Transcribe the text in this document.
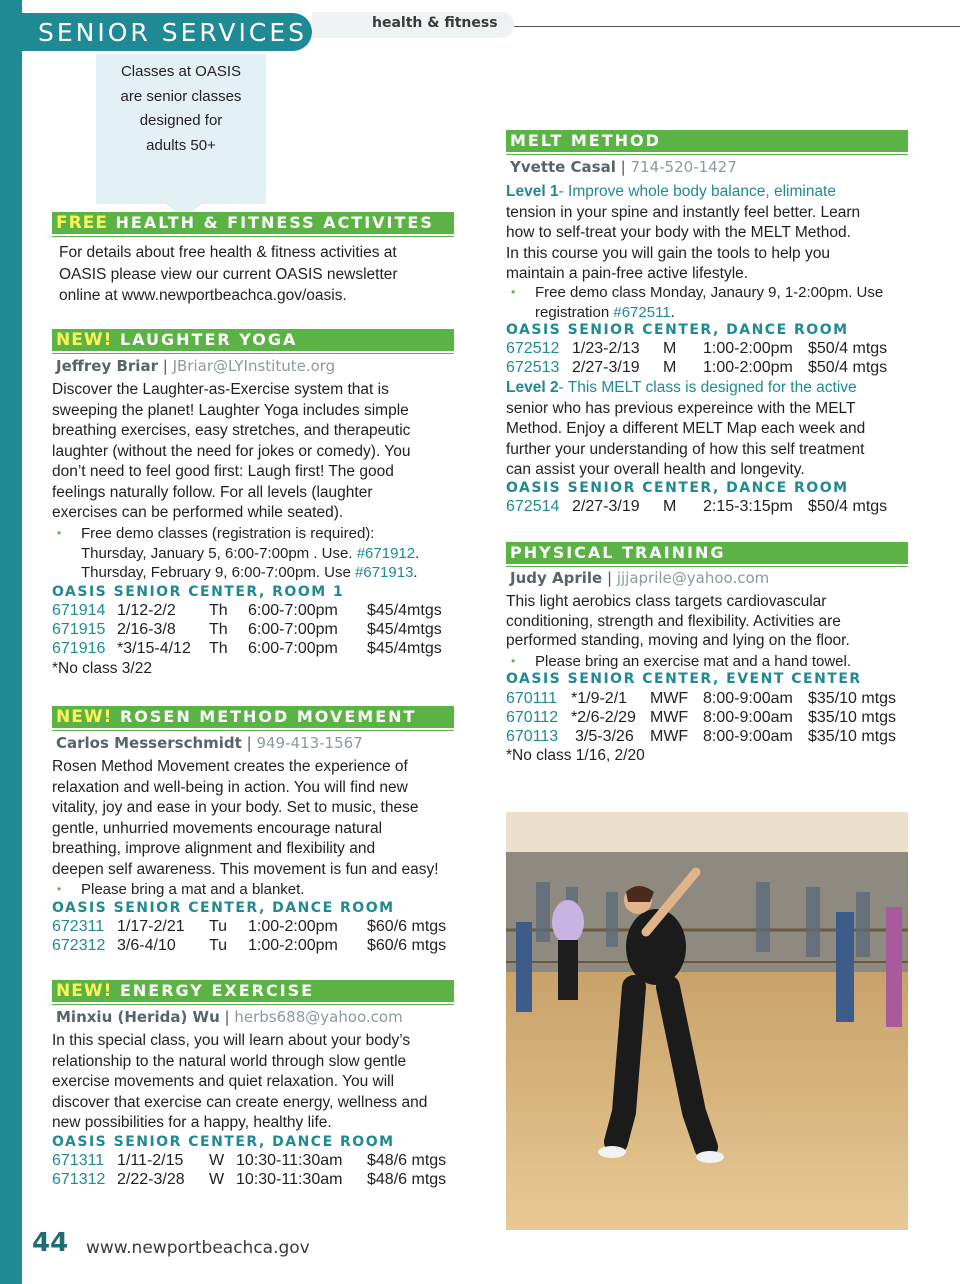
SENIOR SERVICES	health & fitness
Classes at OASIS
are senior classes
designed for
adults 50+
FREE HEALTH & FITNESS ACTIVITES
For details about free health & fitness activities at
OASIS please view our current OASIS newsletter
online at www.newportbeachca.gov/oasis.
NEW! LAUGHTER YOGA
Jeffrey Briar | JBriar@LYInstitute.org
Discover the Laughter-as-Exercise system that is
sweeping the planet! Laughter Yoga includes simple
breathing exercises, easy stretches, and therapeutic
laughter (without the need for jokes or comedy). You
don’t need to feel good first: Laugh first! The good
feelings naturally follow. For all levels (laughter
exercises can be performed while seated).
• Free demo classes (registration is required):
Thursday, January 5, 6:00-7:00pm . Use. #671912.
Thursday, February 9, 6:00-7:00pm. Use #671913.
OASIS SENIOR CENTER, ROOM 1
671914 1/12-2/2 Th 6:00-7:00pm $45/4mtgs
671915 2/16-3/8 Th 6:00-7:00pm $45/4mtgs
671916 *3/15-4/12 Th 6:00-7:00pm $45/4mtgs
*No class 3/22
NEW! ROSEN METHOD MOVEMENT
Carlos Messerschmidt | 949-413-1567
Rosen Method Movement creates the experience of
relaxation and well-being in action. You will find new
vitality, joy and ease in your body. Set to music, these
gentle, unhurried movements encourage natural
breathing, improve alignment and flexibility and
deepen self awareness. This movement is fun and easy!
• Please bring a mat and a blanket.
OASIS SENIOR CENTER, DANCE ROOM
672311 1/17-2/21 Tu 1:00-2:00pm $60/6 mtgs
672312 3/6-4/10 Tu 1:00-2:00pm $60/6 mtgs
NEW! ENERGY EXERCISE
Minxiu (Herida) Wu | herbs688@yahoo.com
In this special class, you will learn about your body’s
relationship to the natural world through slow gentle
exercise movements and quiet relaxation. You will
discover that exercise can create energy, wellness and
new possibilities for a happy, healthy life.
OASIS SENIOR CENTER, DANCE ROOM
671311 1/11-2/15 W 10:30-11:30am $48/6 mtgs
671312 2/22-3/28 W 10:30-11:30am $48/6 mtgs
MELT METHOD
Yvette Casal | 714-520-1427
Level 1- Improve whole body balance, eliminate
tension in your spine and instantly feel better. Learn
how to self-treat your body with the MELT Method.
In this course you will gain the tools to help you
maintain a pain-free active lifestyle.
• Free demo class Monday, Janaury 9, 1-2:00pm. Use
registration #672511.
OASIS SENIOR CENTER, DANCE ROOM
672512 1/23-2/13 M 1:00-2:00pm $50/4 mtgs
672513 2/27-3/19 M 1:00-2:00pm $50/4 mtgs
Level 2- This MELT class is designed for the active
senior who has previous expereince with the MELT
Method. Enjoy a different MELT Map each week and
further your understanding of how this self treatment
can assist your overall health and longevity.
OASIS SENIOR CENTER, DANCE ROOM
672514 2/27-3/19 M 2:15-3:15pm $50/4 mtgs
PHYSICAL TRAINING
Judy Aprile | jjjaprile@yahoo.com
This light aerobics class targets cardiovascular
conditioning, strength and flexibility. Activities are
performed standing, moving and lying on the floor.
• Please bring an exercise mat and a hand towel.
OASIS SENIOR CENTER, EVENT CENTER
670111 *1/9-2/1 MWF 8:00-9:00am $35/10 mtgs
670112 *2/6-2/29 MWF 8:00-9:00am $35/10 mtgs
670113 3/5-3/26 MWF 8:00-9:00am $35/10 mtgs
*No class 1/16, 2/20
44 www.newportbeachca.gov
